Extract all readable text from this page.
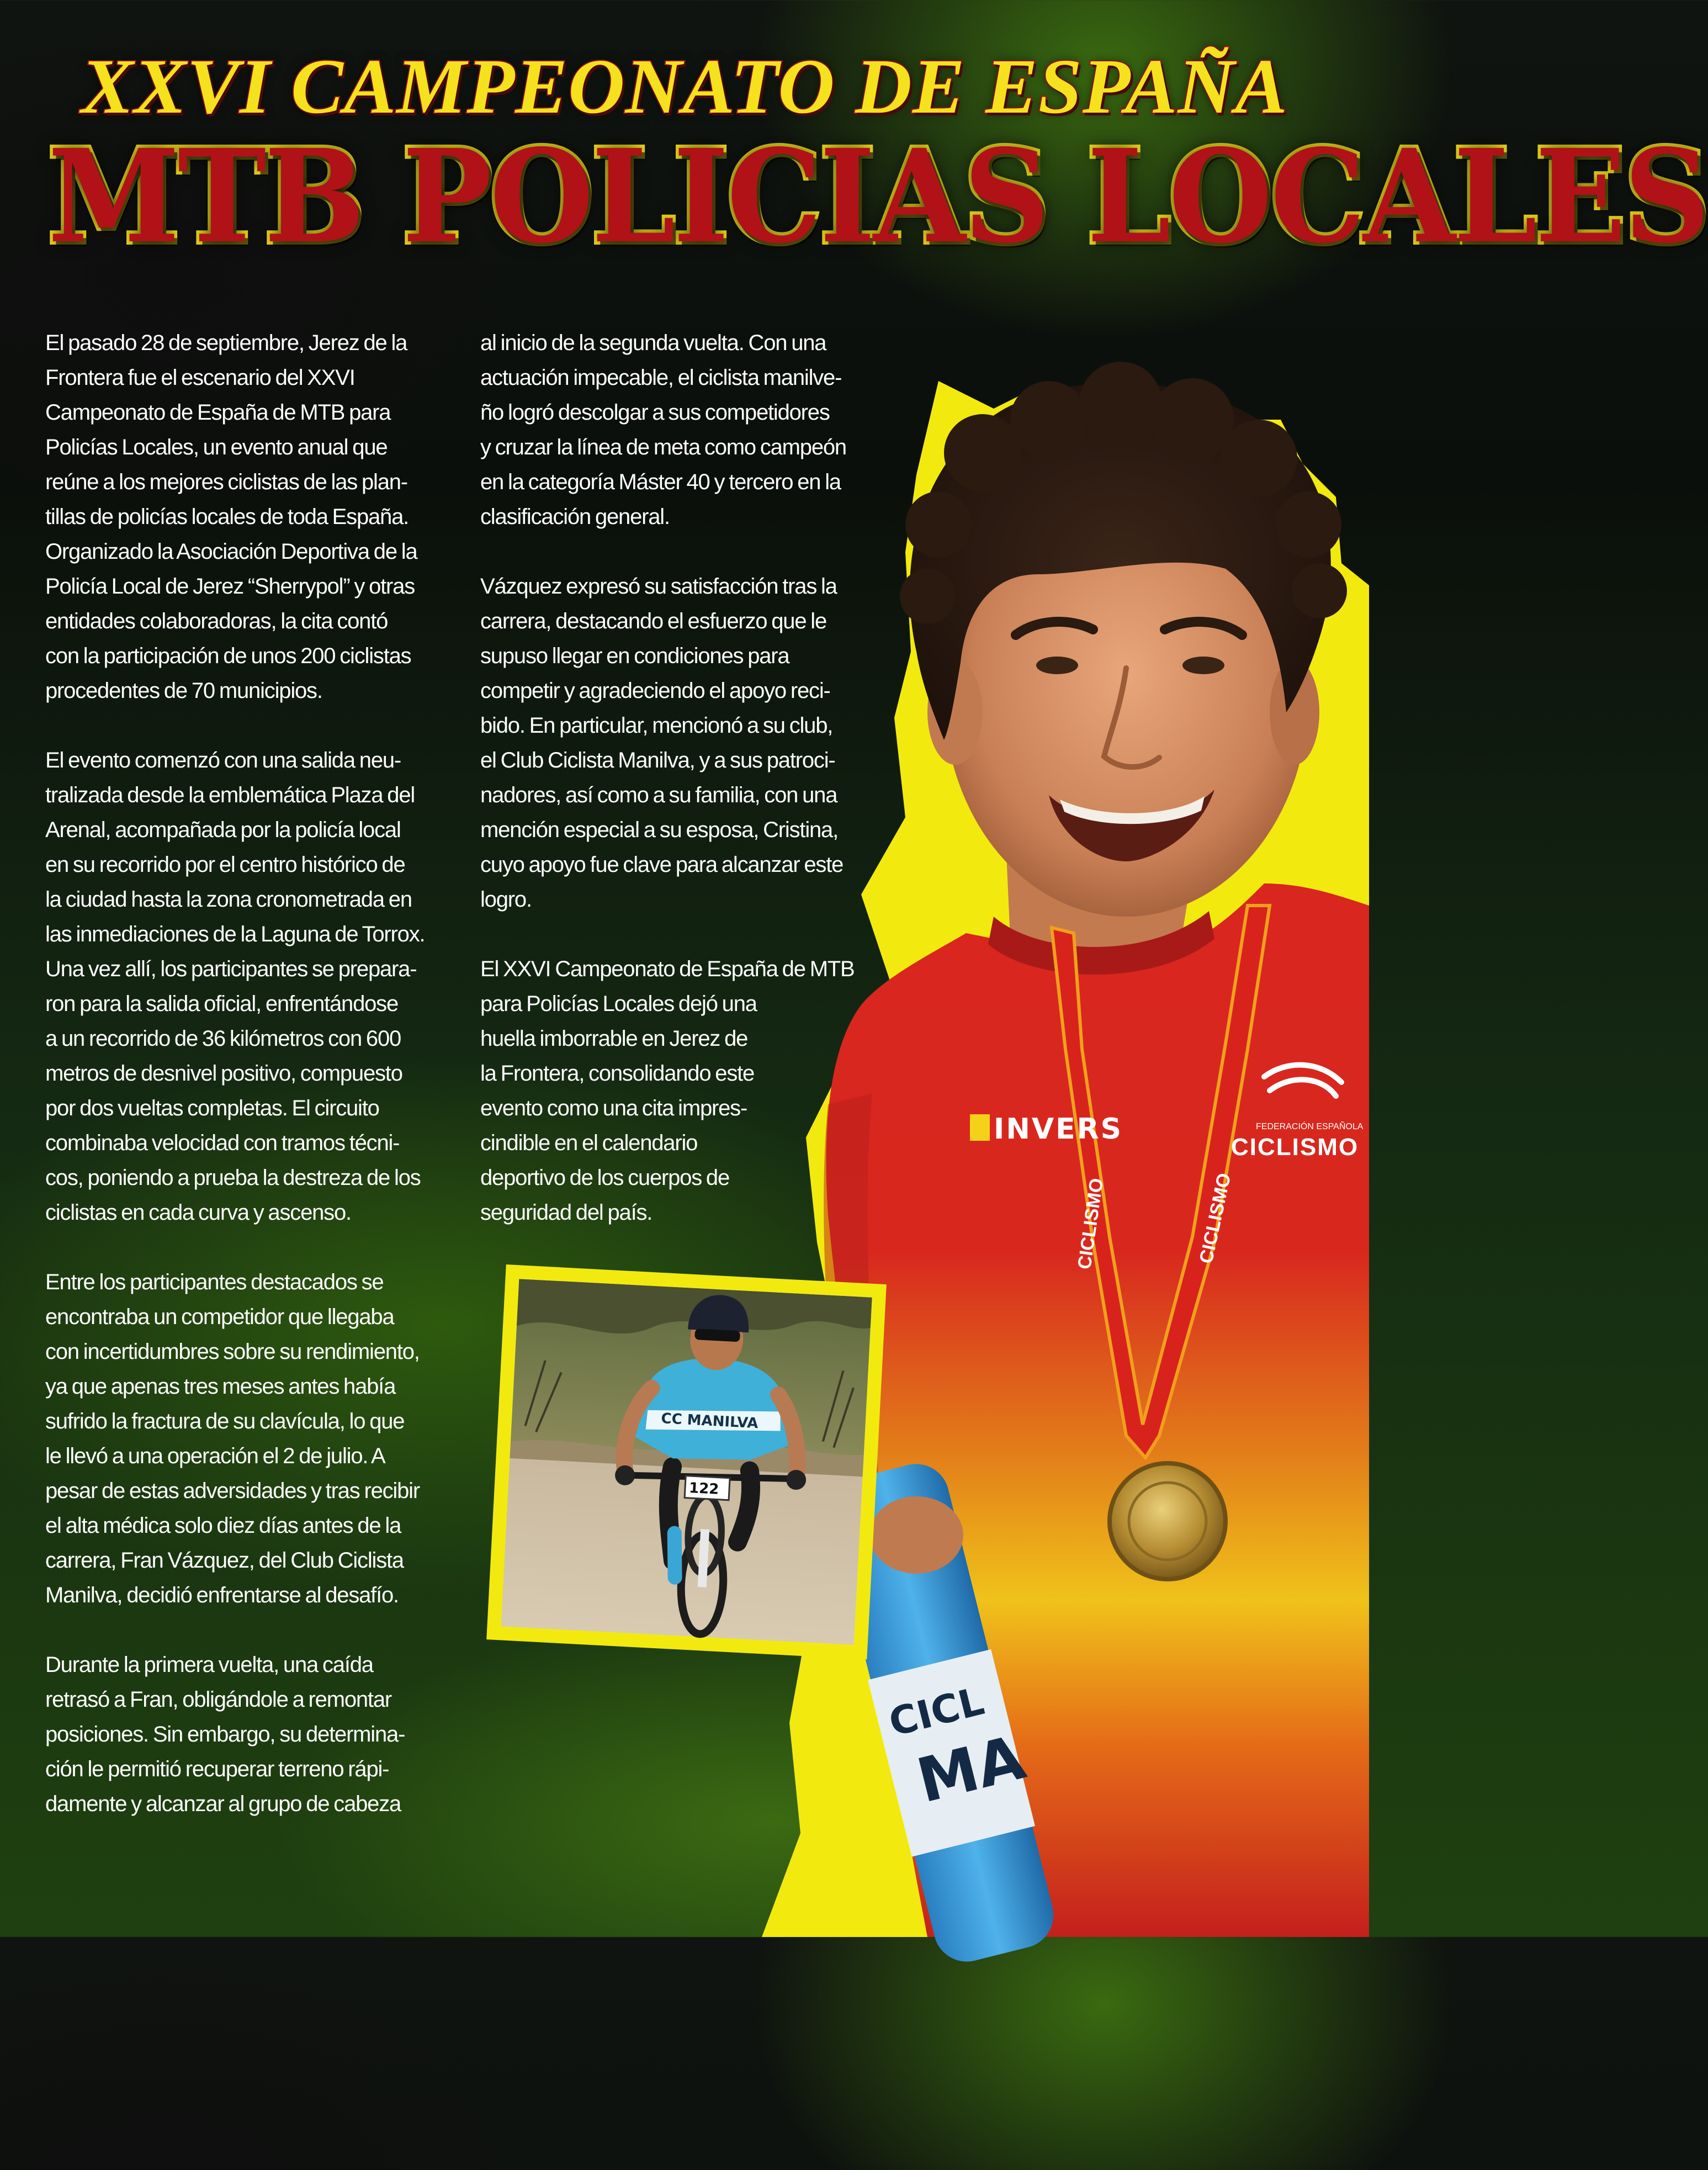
XXVI CAMPEONATO DE ESPAÑA
MTB POLICIAS LOCALES
CICLISMO	CICLISMO
INVERS	FEDERACIÓN ESPAÑOLA
CICLISMO
CICL
MA
122
CC MANILVA

El pasado 28 de septiembre, Jerez de la
Frontera fue el escenario del XXVI
Campeonato de España de MTB para
Policías Locales, un evento anual que
reúne a los mejores ciclistas de las plan-
tillas de policías locales de toda España.
Organizado la Asociación Deportiva de la
Policía Local de Jerez “Sherrypol” y otras
entidades colaboradoras, la cita contó
con la participación de unos 200 ciclistas
procedentes de 70 municipios.

El evento comenzó con una salida neu-
tralizada desde la emblemática Plaza del
Arenal, acompañada por la policía local
en su recorrido por el centro histórico de
la ciudad hasta la zona cronometrada en
las inmediaciones de la Laguna de Torrox.
Una vez allí, los participantes se prepara-
ron para la salida oficial, enfrentándose
a un recorrido de 36 kilómetros con 600
metros de desnivel positivo, compuesto
por dos vueltas completas. El circuito
combinaba velocidad con tramos técni-
cos, poniendo a prueba la destreza de los
ciclistas en cada curva y ascenso.

Entre los participantes destacados se
encontraba un competidor que llegaba
con incertidumbres sobre su rendimiento,
ya que apenas tres meses antes había
sufrido la fractura de su clavícula, lo que
le llevó a una operación el 2 de julio. A
pesar de estas adversidades y tras recibir
el alta médica solo diez días antes de la
carrera, Fran Vázquez, del Club Ciclista
Manilva, decidió enfrentarse al desafío.

Durante la primera vuelta, una caída
retrasó a Fran, obligándole a remontar
posiciones. Sin embargo, su determina-
ción le permitió recuperar terreno rápi-
damente y alcanzar al grupo de cabeza

al inicio de la segunda vuelta. Con una
actuación impecable, el ciclista manilve-
ño logró descolgar a sus competidores
y cruzar la línea de meta como campeón
en la categoría Máster 40 y tercero en la
clasificación general.

Vázquez expresó su satisfacción tras la
carrera, destacando el esfuerzo que le
supuso llegar en condiciones para
competir y agradeciendo el apoyo reci-
bido. En particular, mencionó a su club,
el Club Ciclista Manilva, y a sus patroci-
nadores, así como a su familia, con una
mención especial a su esposa, Cristina,
cuyo apoyo fue clave para alcanzar este
logro.

El XXVI Campeonato de España de MTB
para Policías Locales dejó una
huella imborrable en Jerez de
la Frontera, consolidando este
evento como una cita impres-
cindible en el calendario
deportivo de los cuerpos de
seguridad del país.
